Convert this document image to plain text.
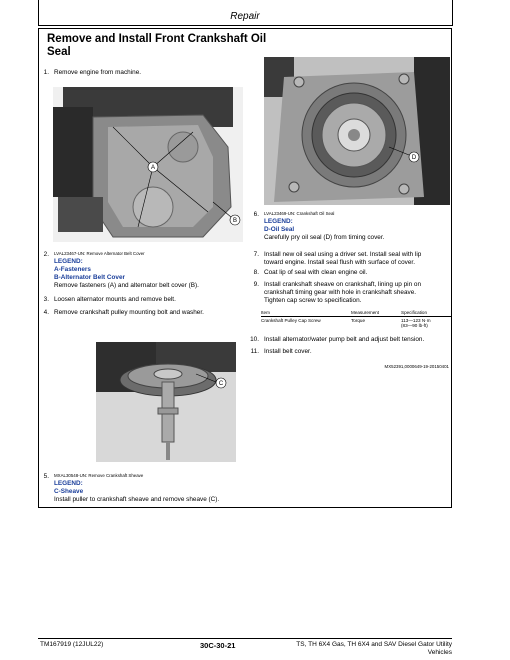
Repair
Remove and Install Front Crankshaft Oil Seal
1. Remove engine from machine.
A
B
2. LVAL23467-UN: Remove Alternator Belt Cover
LEGEND:
A-Fasteners
B-Alternator Belt Cover
Remove fasteners (A) and alternator belt cover (B).
3. Loosen alternator mounts and remove belt.
4. Remove crankshaft pulley mounting bolt and washer.
C
5. MXAL30548-UN: Remove Crankshaft Sheave
LEGEND:
C-Sheave
Install puller to crankshaft sheave and remove sheave (C).
D
6. LVAL23469-UN: Crankshaft Oil Seal
LEGEND:
D-Oil Seal
Carefully pry oil seal (D) from timing cover.
7. Install new oil seal using a driver set. Install seal with lip
toward engine. Install seal flush with surface of cover.
8. Coat lip of seal with clean engine oil.
9. Install crankshaft sheave on crankshaft, lining up pin on
crankshaft timing gear with hole in crankshaft sheave.
Tighten cap screw to specification.
Item	Measurement	Specification
Crankshaft Pulley Cap Screw	Torque	113—123 N·m
(83—90 lb-ft)
10. Install alternator/water pump belt and adjust belt tension.
11. Install belt cover.
MX52391,0000649-19-20150401
TM167919 (12JUL22)	30C-30-21	TS, TH 6X4 Gas, TH 6X4 and SAV Diesel Gator Utility
Vehicles
